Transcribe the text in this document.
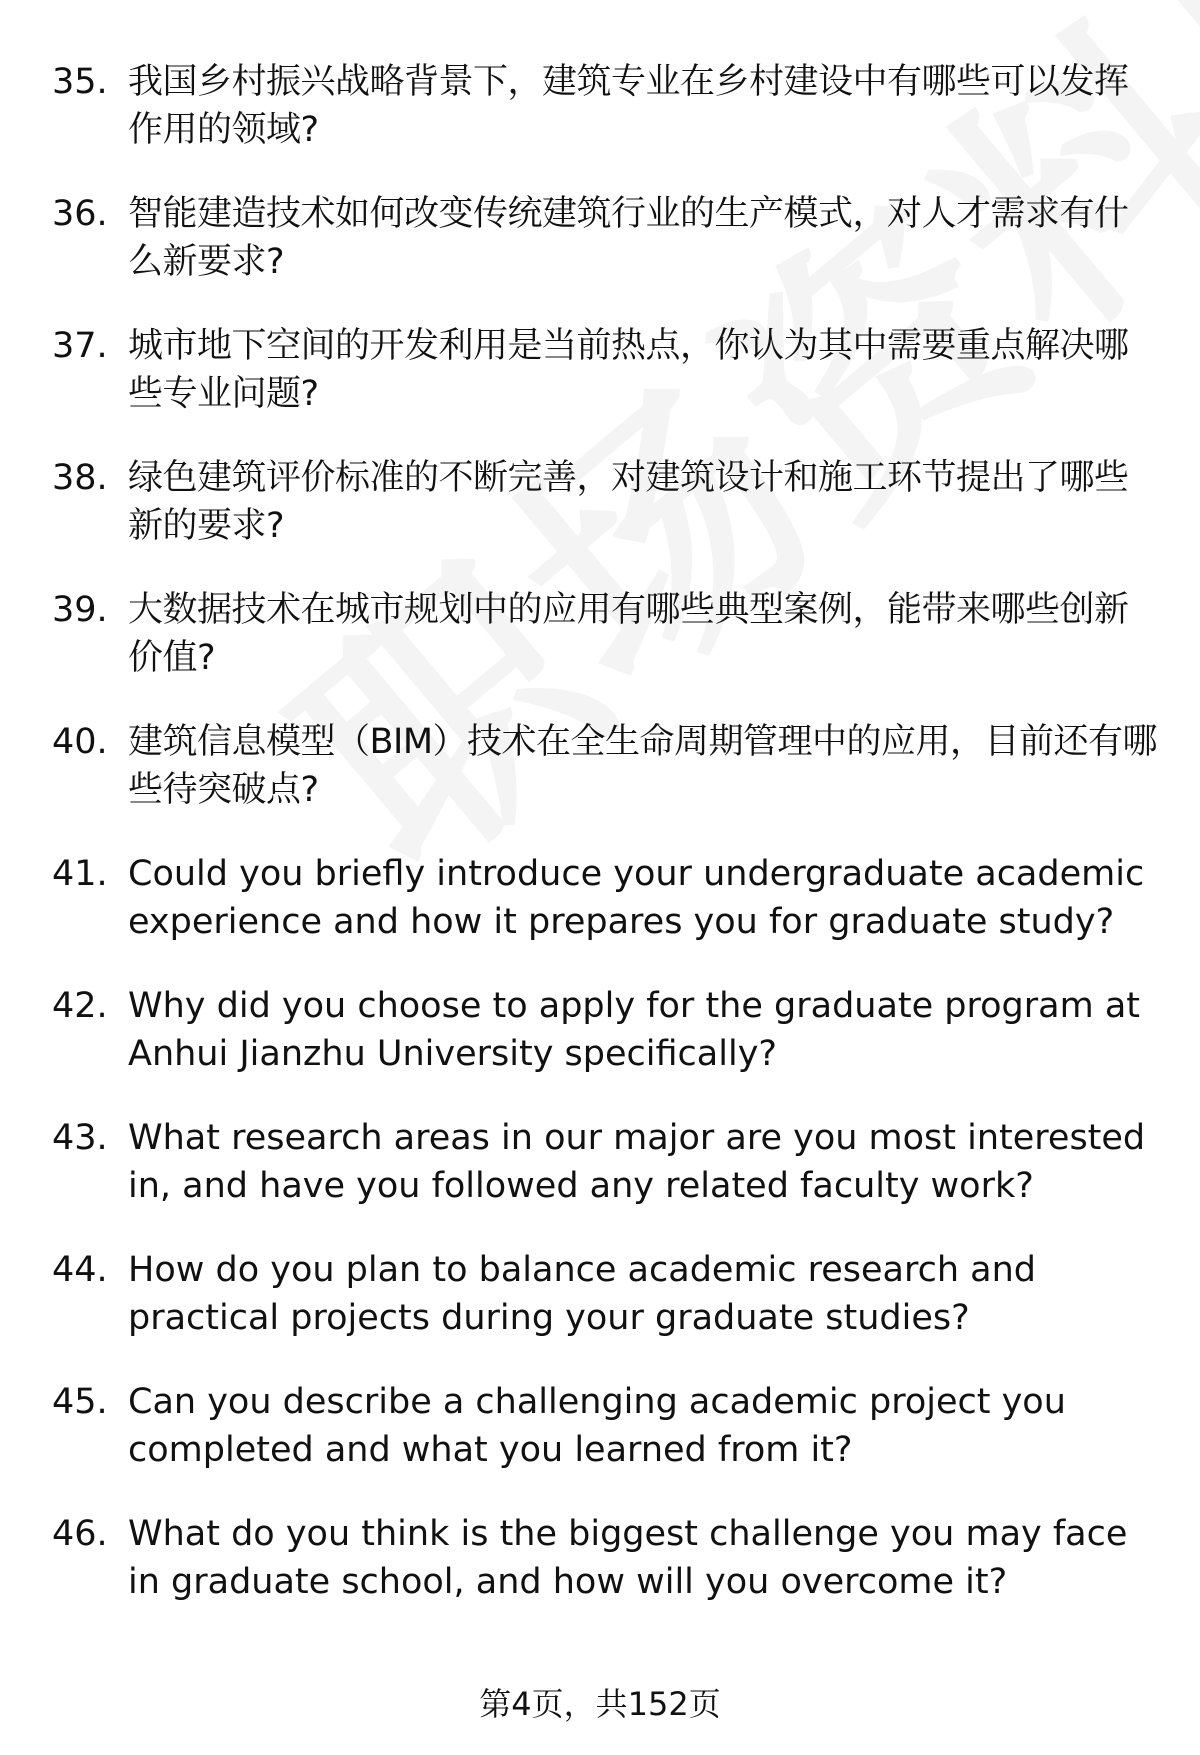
35. 我国乡村振兴战略背景下，建筑专业在乡村建设中有哪些可以发挥作用的领域?
36. 智能建造技术如何改变传统建筑行业的生产模式，对人才需求有什么新要求?
37. 城市地下空间的开发利用是当前热点，你认为其中需要重点解决哪些专业问题?
38. 绿色建筑评价标准的不断完善，对建筑设计和施工环节提出了哪些新的要求?
39. 大数据技术在城市规划中的应用有哪些典型案例，能带来哪些创新价值?
40. 建筑信息模型（BIM）技术在全生命周期管理中的应用，目前还有哪些待突破点?
41. Could you briefly introduce your undergraduate academic experience and how it prepares you for graduate study?
42. Why did you choose to apply for the graduate program at Anhui Jianzhu University specifically?
43. What research areas in our major are you most interested in, and have you followed any related faculty work?
44. How do you plan to balance academic research and practical projects during your graduate studies?
45. Can you describe a challenging academic project you completed and what you learned from it?
46. What do you think is the biggest challenge you may face in graduate school, and how will you overcome it?
第4页，共152页
